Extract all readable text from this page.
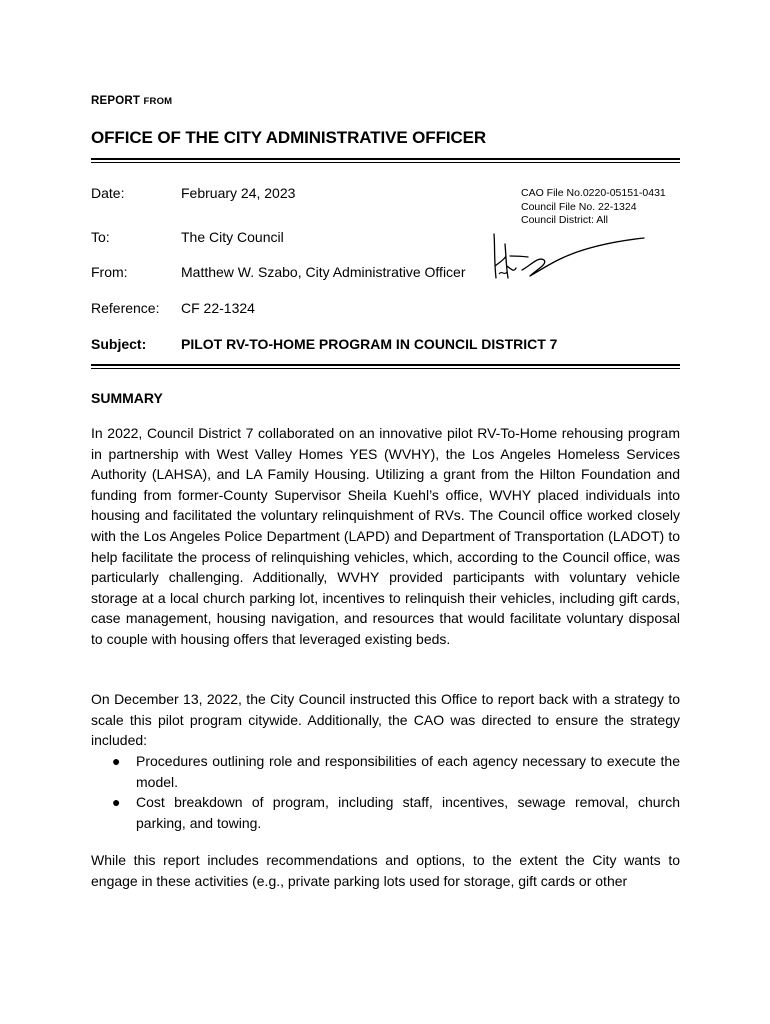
REPORT FROM
OFFICE OF THE CITY ADMINISTRATIVE OFFICER
Date:	February 24, 2023	CAO File No.0220-05151-0431
Council File No. 22-1324
Council District: All
To:	The City Council
From:	Matthew W. Szabo, City Administrative Officer
Reference: CF 22-1324
Subject: PILOT RV-TO-HOME PROGRAM IN COUNCIL DISTRICT 7
SUMMARY

In 2022, Council District 7 collaborated on an innovative pilot RV-To-Home rehousing program in partnership with West Valley Homes YES (WVHY), the Los Angeles Homeless Services Authority (LAHSA), and LA Family Housing. Utilizing a grant from the Hilton Foundation and funding from former-County Supervisor Sheila Kuehl’s office, WVHY placed individuals into housing and facilitated the voluntary relinquishment of RVs. The Council office worked closely with the Los Angeles Police Department (LAPD) and Department of Transportation (LADOT) to help facilitate the process of relinquishing vehicles, which, according to the Council office, was particularly challenging. Additionally, WVHY provided participants with voluntary vehicle storage at a local church parking lot, incentives to relinquish their vehicles, including gift cards, case management, housing navigation, and resources that would facilitate voluntary disposal to couple with housing offers that leveraged existing beds.

On December 13, 2022, the City Council instructed this Office to report back with a strategy to scale this pilot program citywide. Additionally, the CAO was directed to ensure the strategy included:

● Procedures outlining role and responsibilities of each agency necessary to execute the model.
● Cost breakdown of program, including staff, incentives, sewage removal, church parking, and towing.

While this report includes recommendations and options, to the extent the City wants to engage in these activities (e.g., private parking lots used for storage, gift cards or other
